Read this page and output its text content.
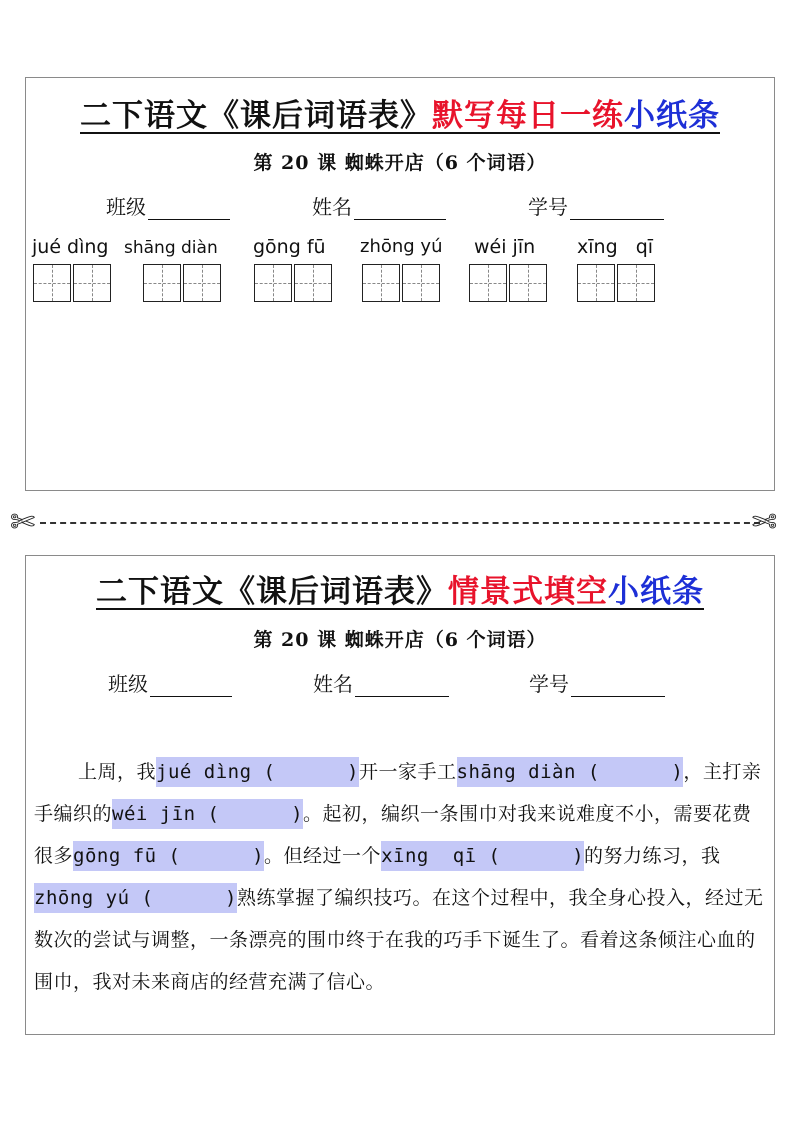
二下语文《课后词语表》默写每日一练小纸条
第 20 课 蜘蛛开店（6 个词语）
班级	姓名	学号
jué dìng shāng diàn gōng fū zhōng yú wéi jīn xīng   qī
✄	✄
二下语文《课后词语表》情景式填空小纸条
第 20 课 蜘蛛开店（6 个词语）
班级	姓名	学号
上周，我jué dìng (      )开一家手工shāng diàn (      )，主打亲手编织的wéi jīn (      )。起初，编织一条围巾对我来说难度不小，需要花费很多gōng fū (      )。但经过一个xīng  qī (      )的努力练习，我zhōng yú (      )熟练掌握了编织技巧。在这个过程中，我全身心投入，经过无数次的尝试与调整，一条漂亮的围巾终于在我的巧手下诞生了。看着这条倾注心血的围巾，我对未来商店的经营充满了信心。
